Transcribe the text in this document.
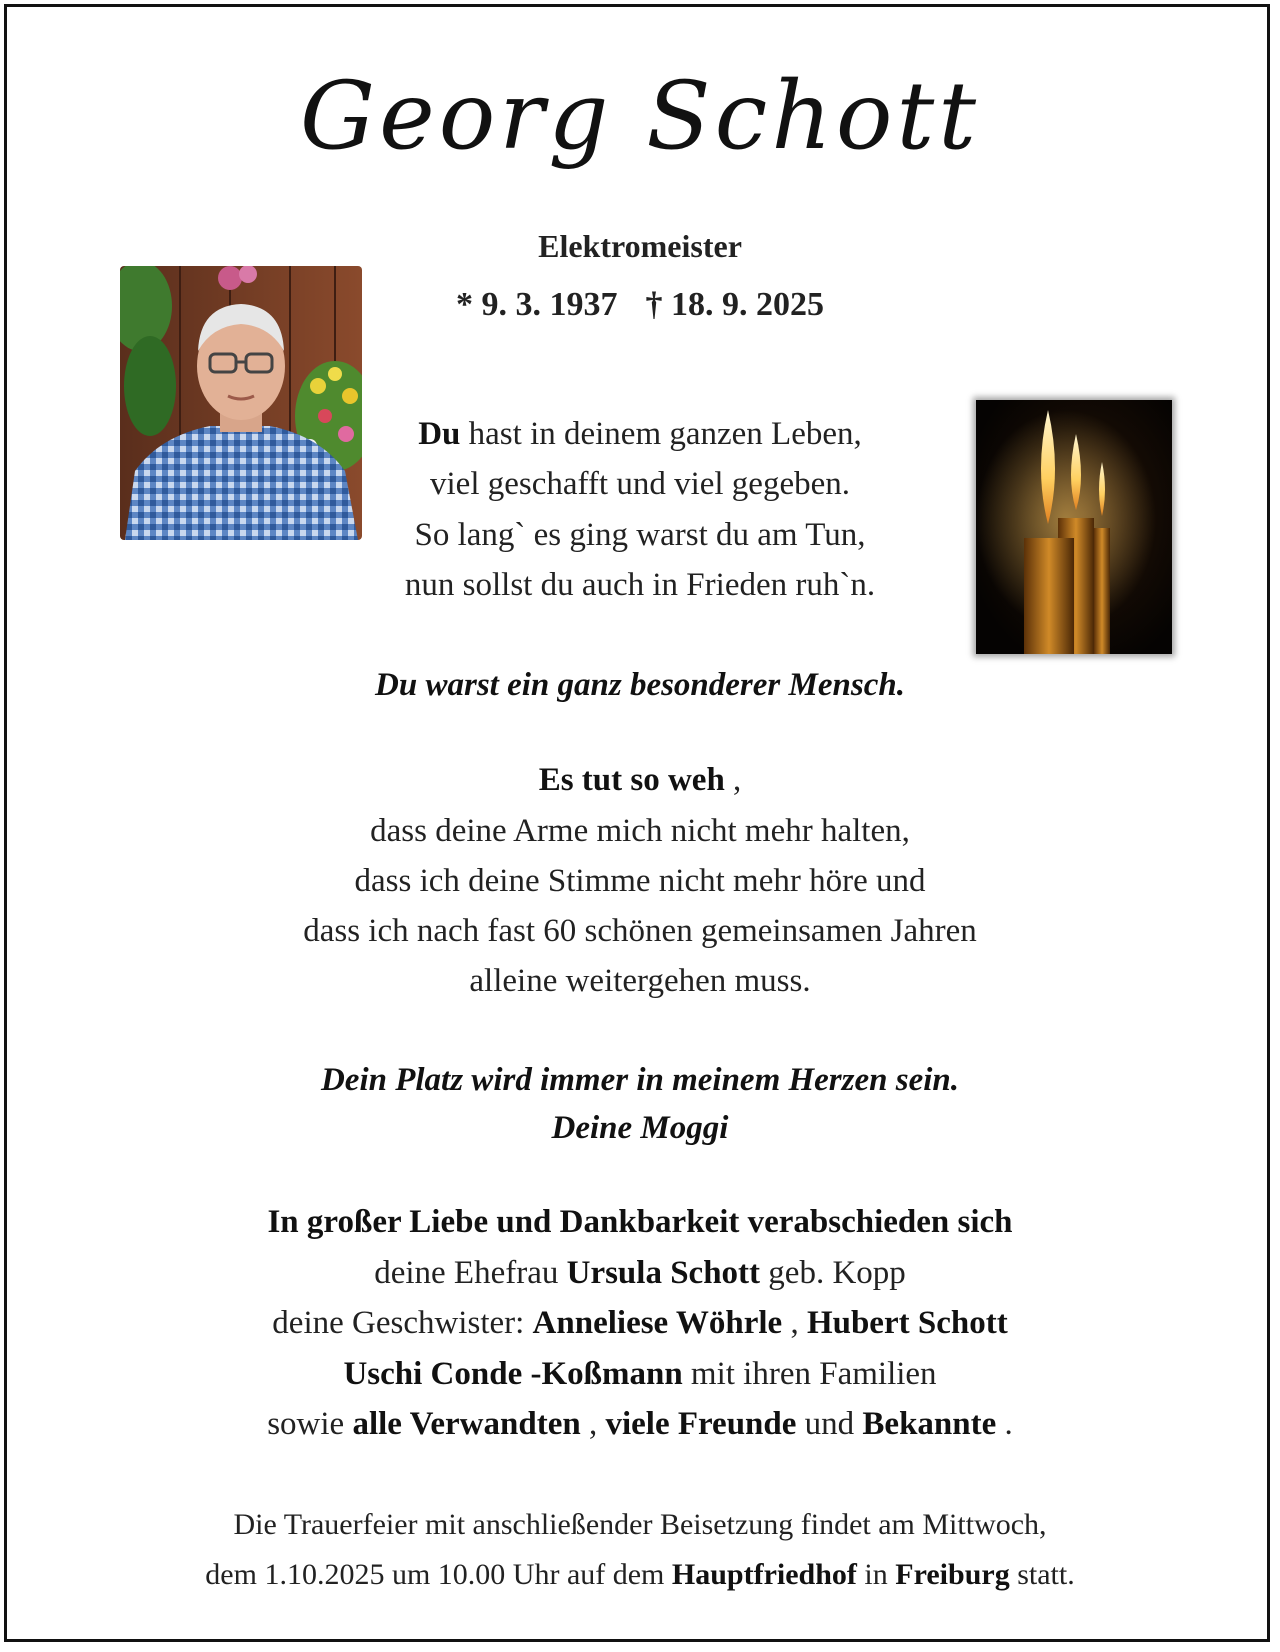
Georg Schott
Elektromeister
* 9. 3. 1937 † 18. 9. 2025
Du hast in deinem ganzen Leben,
viel geschafft und viel gegeben.
So lang` es ging warst du am Tun,
nun sollst du auch in Frieden ruh`n.
Du warst ein ganz besonderer Mensch.
Es tut so weh ,
dass deine Arme mich nicht mehr halten,
dass ich deine Stimme nicht mehr höre und
dass ich nach fast 60 schönen gemeinsamen Jahren
alleine weitergehen muss.
Dein Platz wird immer in meinem Herzen sein.
Deine Moggi
In großer Liebe und Dankbarkeit verabschieden sich
deine Ehefrau Ursula Schott geb. Kopp
deine Geschwister: Anneliese Wöhrle , Hubert Schott
Uschi Conde -Koßmann mit ihren Familien
sowie alle Verwandten , viele Freunde und Bekannte .
Die Trauerfeier mit anschließender Beisetzung findet am Mittwoch,
dem 1.10.2025 um 10.00 Uhr auf dem Hauptfriedhof in Freiburg statt.
